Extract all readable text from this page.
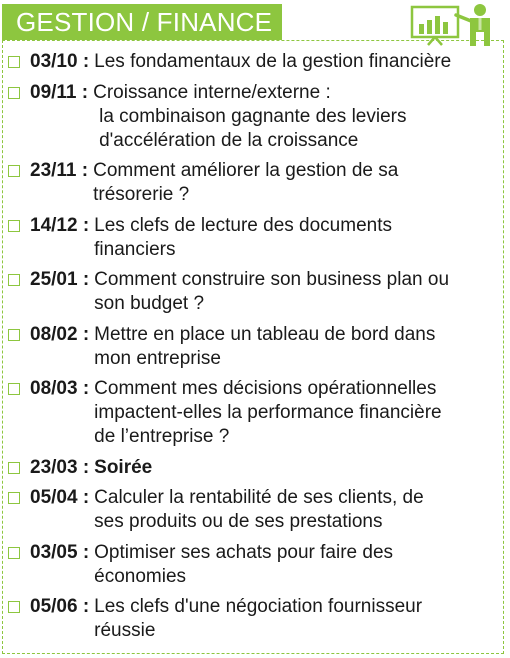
GESTION / FINANCE
03/10 : Les fondamentaux de la gestion financière
09/11 : Croissance interne/externe :
la combinaison gagnante des leviers
d'accélération de la croissance
23/11 : Comment améliorer la gestion de sa
trésorerie ?
14/12 : Les clefs de lecture des documents
financiers
25/01 : Comment construire son business plan ou
son budget ?
08/02 : Mettre en place un tableau de bord dans
mon entreprise
08/03 : Comment mes décisions opérationnelles
impactent-elles la performance financière
de l’entreprise ?
23/03 : Soirée
05/04 : Calculer la rentabilité de ses clients, de
ses produits ou de ses prestations
03/05 : Optimiser ses achats pour faire des
économies
05/06 : Les clefs d'une négociation fournisseur
réussie
